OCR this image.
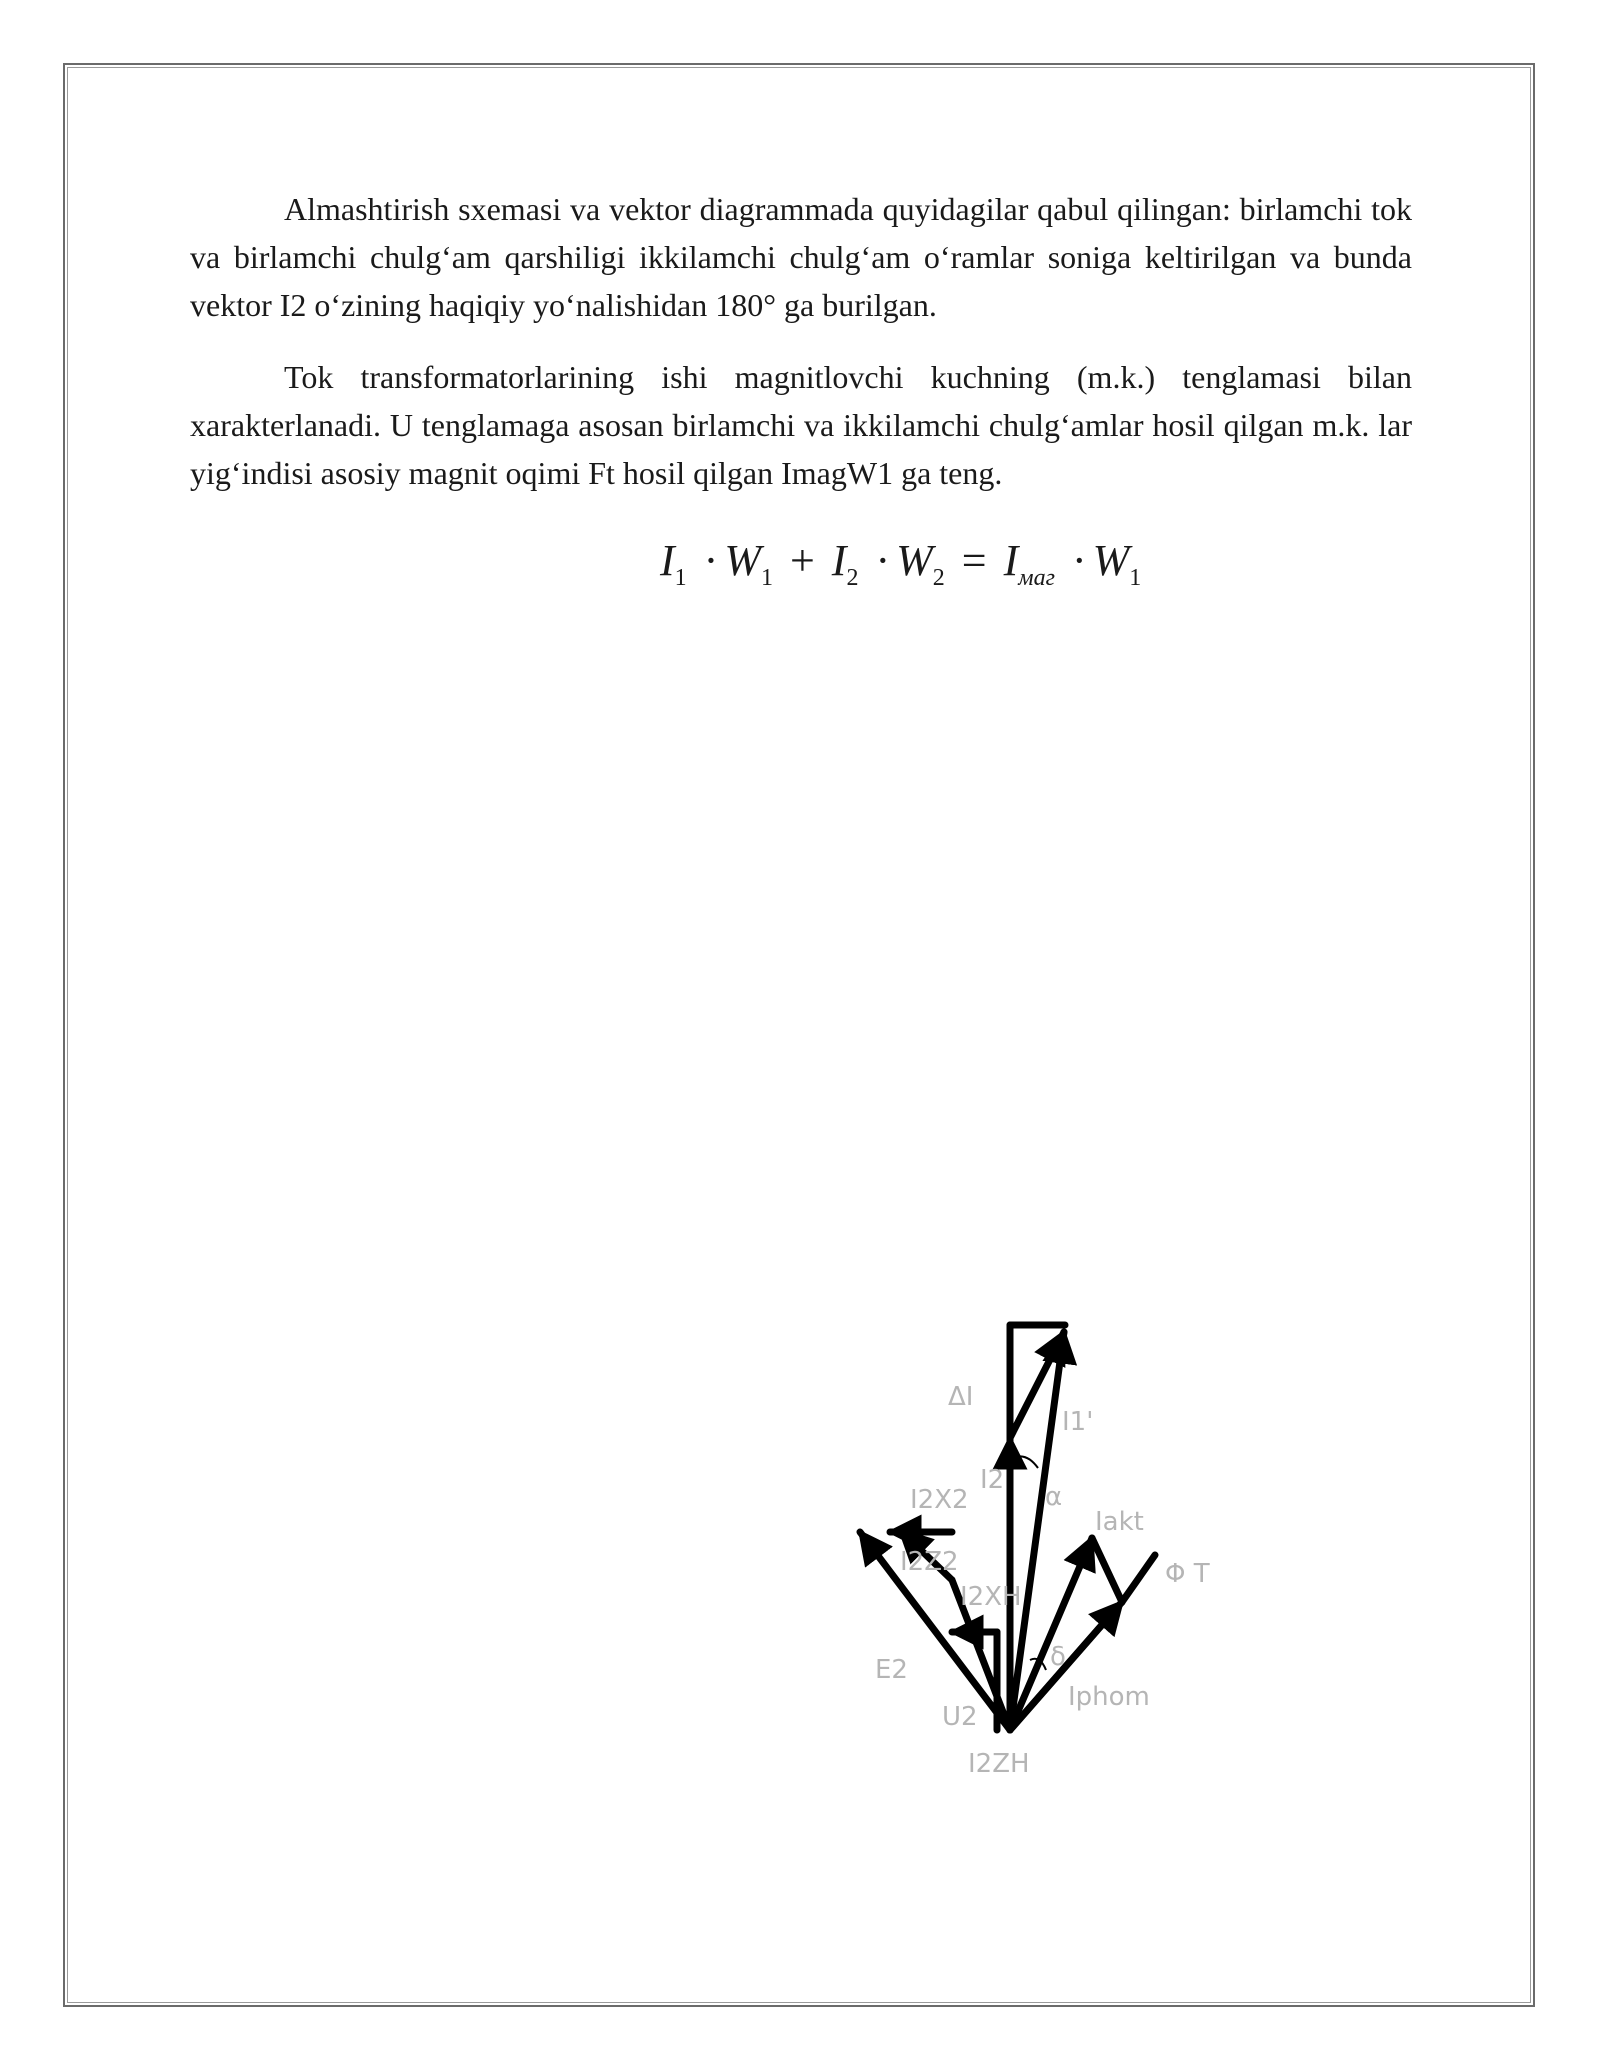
Almashtirish sxemasi va vektor diagrammada quyidagilar qabul qilingan: birlamchi tok va birlamchi chulg‘am qarshiligi ikkilamchi chulg‘am o‘ramlar soniga keltirilgan va bunda vektor I2 o‘zining haqiqiy yo‘nalishidan 180° ga burilgan.

Tok transformatorlarining ishi magnitlovchi kuchning (m.k.) tenglamasi bilan xarakterlanadi. U tenglamaga asosan birlamchi va ikkilamchi chulg‘amlar hosil qilgan m.k. lar yig‘indisi asosiy magnit oqimi Ft hosil qilgan ImagW1 ga teng.

$I_1 \cdot W_1 + I_2 \cdot W_2 = I_{маг} \cdot W_1$
ΔI
I1'
I2
I2X2
I2Z2
I2XH
E2
U2
I2ZH
Iakt
Iphom
Φ T
α
δ
